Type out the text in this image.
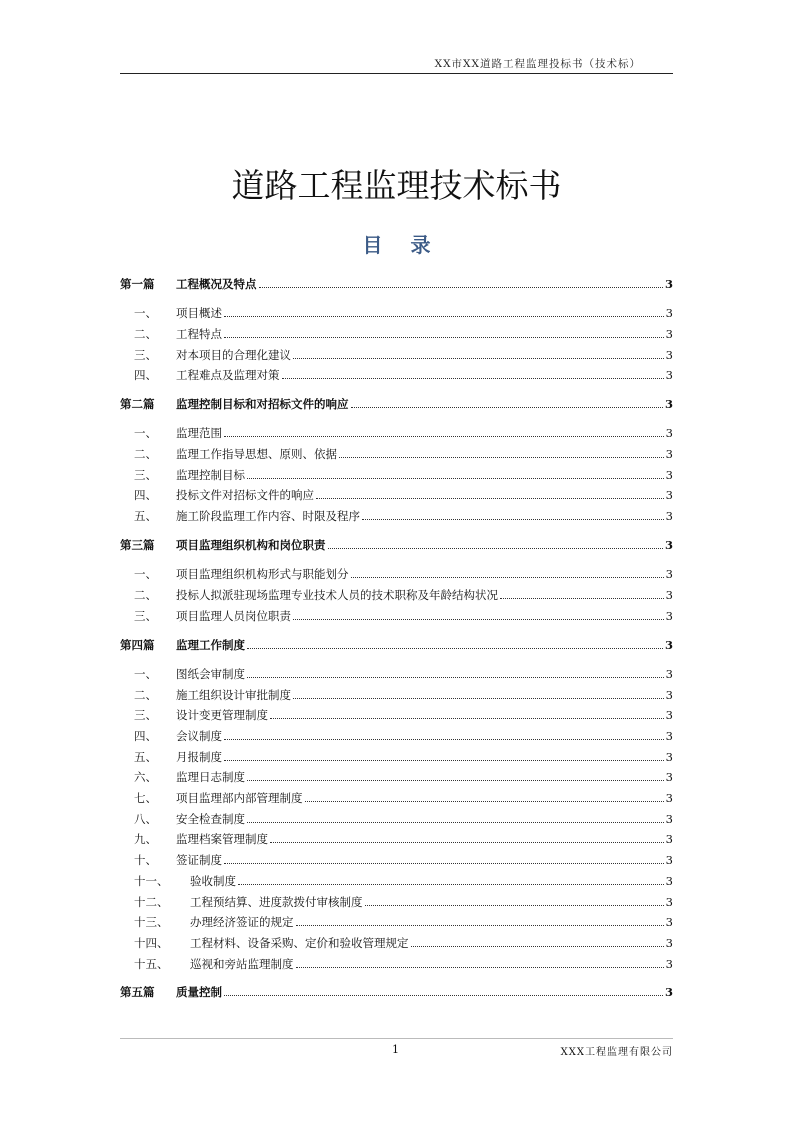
XX市XX道路工程监理投标书（技术标）
道路工程监理技术标书
目录
第一篇	工程概况及特点	3
一、	项目概述	3
二、	工程特点	3
三、	对本项目的合理化建议	3
四、	工程难点及监理对策	3
第二篇	监理控制目标和对招标文件的响应	3
一、	监理范围	3
二、	监理工作指导思想、原则、依据	3
三、	监理控制目标	3
四、	投标文件对招标文件的响应	3
五、	施工阶段监理工作内容、时限及程序	3
第三篇	项目监理组织机构和岗位职责	3
一、	项目监理组织机构形式与职能划分	3
二、	投标人拟派驻现场监理专业技术人员的技术职称及年龄结构状况	3
三、	项目监理人员岗位职责	3
第四篇	监理工作制度	3
一、	图纸会审制度	3
二、	施工组织设计审批制度	3
三、	设计变更管理制度	3
四、	会议制度	3
五、	月报制度	3
六、	监理日志制度	3
七、	项目监理部内部管理制度	3
八、	安全检查制度	3
九、	监理档案管理制度	3
十、	签证制度	3
十一、	验收制度	3
十二、	工程预结算、进度款拨付审核制度	3
十三、	办理经济签证的规定	3
十四、	工程材料、设备采购、定价和验收管理规定	3
十五、	巡视和旁站监理制度	3
第五篇	质量控制	3
1	XXX工程监理有限公司
